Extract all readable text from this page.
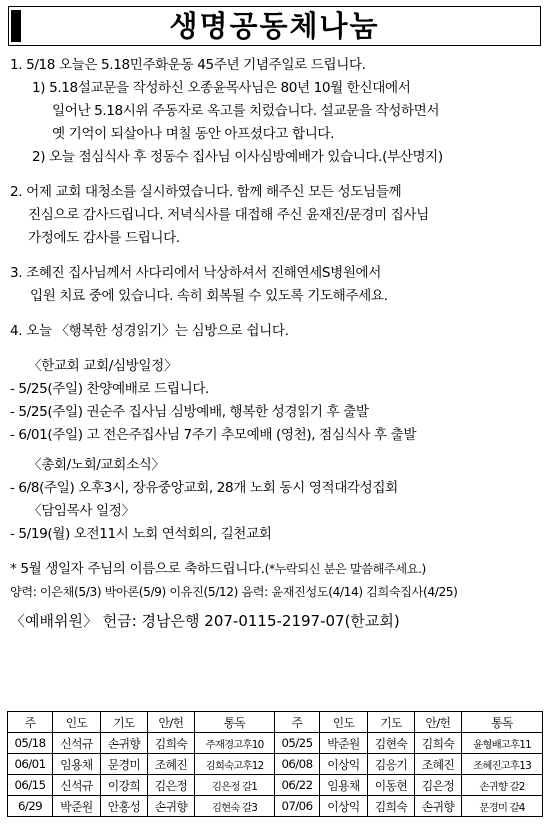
생명공동체나눔
1. 5/18 오늘은 5.18민주화운동 45주년 기념주일로 드립니다.
1) 5.18설교문을 작성하신 오종윤목사님은 80년 10월 한신대에서
일어난 5.18시위 주동자로 옥고를 치렀습니다. 설교문을 작성하면서
옛 기억이 되살아나 며칠 동안 아프셨다고 합니다.
2) 오늘 점심식사 후 정동수 집사님 이사심방예배가 있습니다.(부산명지)
2. 어제 교회 대청소를 실시하였습니다. 함께 해주신 모든 성도님들께
진심으로 감사드립니다. 저녁식사를 대접해 주신 윤재진/문경미 집사님
가정에도 감사를 드립니다.
3. 조혜진 집사님께서 사다리에서 낙상하셔서 진해연세S병원에서
입원 치료 중에 있습니다. 속히 회복될 수 있도록 기도해주세요.
4. 오늘 〈행복한 성경읽기〉는 심방으로 쉽니다.
〈한교회 교회/심방일정〉
- 5/25(주일) 찬양예배로 드립니다.
- 5/25(주일) 권순주 집사님 심방예배, 행복한 성경읽기 후 출발
- 6/01(주일) 고 전은주집사님 7주기 추모예배 (영천), 점심식사 후 출발
〈총회/노회/교회소식〉
- 6/8(주일) 오후3시, 장유중앙교회, 28개 노회 동시 영적대각성집회
〈담임목사 일정〉
- 5/19(월) 오전11시 노회 연석회의, 길천교회
* 5월 생일자 주님의 이름으로 축하드립니다.(*누락되신 분은 말씀해주세요.)
양력: 이은채(5/3) 박아론(5/9) 이유진(5/12) 음력: 윤재진성도(4/14) 김희숙집사(4/25)
〈예배위원〉 헌금: 경남은행 207-0115-2197-07(한교회)
주	인도	기도	안/헌	통독	주	인도	기도	안/헌	통독
05/18	신석규	손귀향	김희숙	주재경고후10	05/25	박준원	김현숙	김희숙	윤형배고후11
06/01	임용채	문경미	조혜진	김희숙고후12	06/08	이상익	김응기	조혜진	조혜진고후13
06/15	신석규	이강희	김은정	김은정 갈1	06/22	임용채	이동현	김은정	손귀향 갈2
6/29	박준원	안홍성	손귀향	김현숙 갈3	07/06	이상익	김희숙	손귀향	문경미 갈4
